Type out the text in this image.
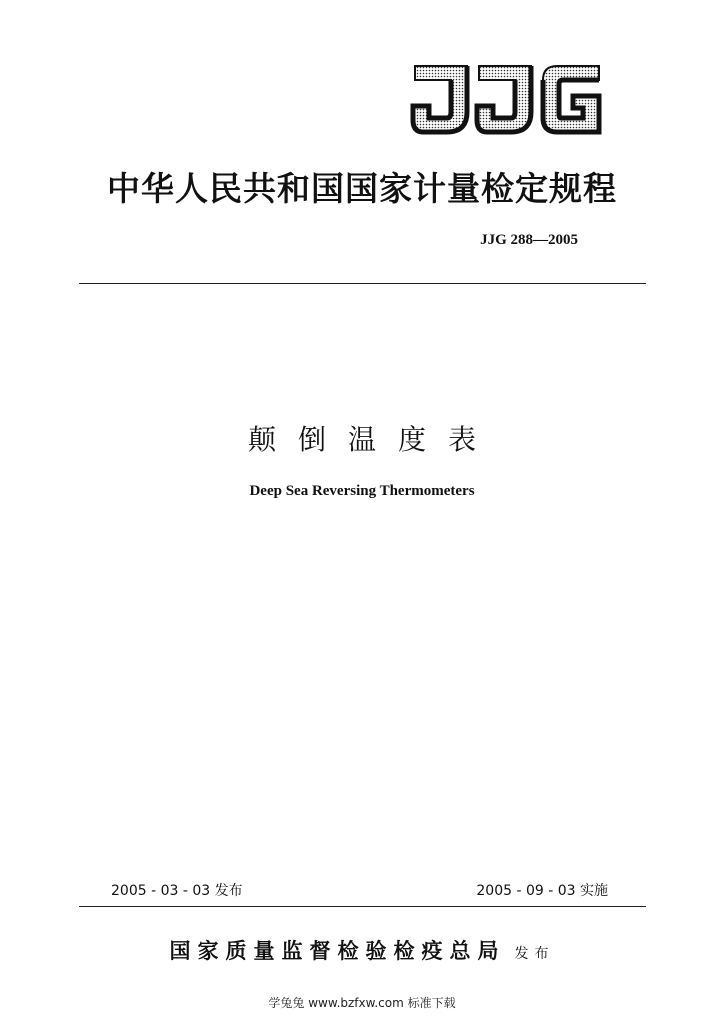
中华人民共和国国家计量检定规程
JJG 288—2005
颠倒温度表
Deep Sea Reversing Thermometers
2005 - 03 - 03 发布	2005 - 09 - 03 实施
国家质量监督检验检疫总局 发布
学兔兔 www.bzfxw.com 标准下载
